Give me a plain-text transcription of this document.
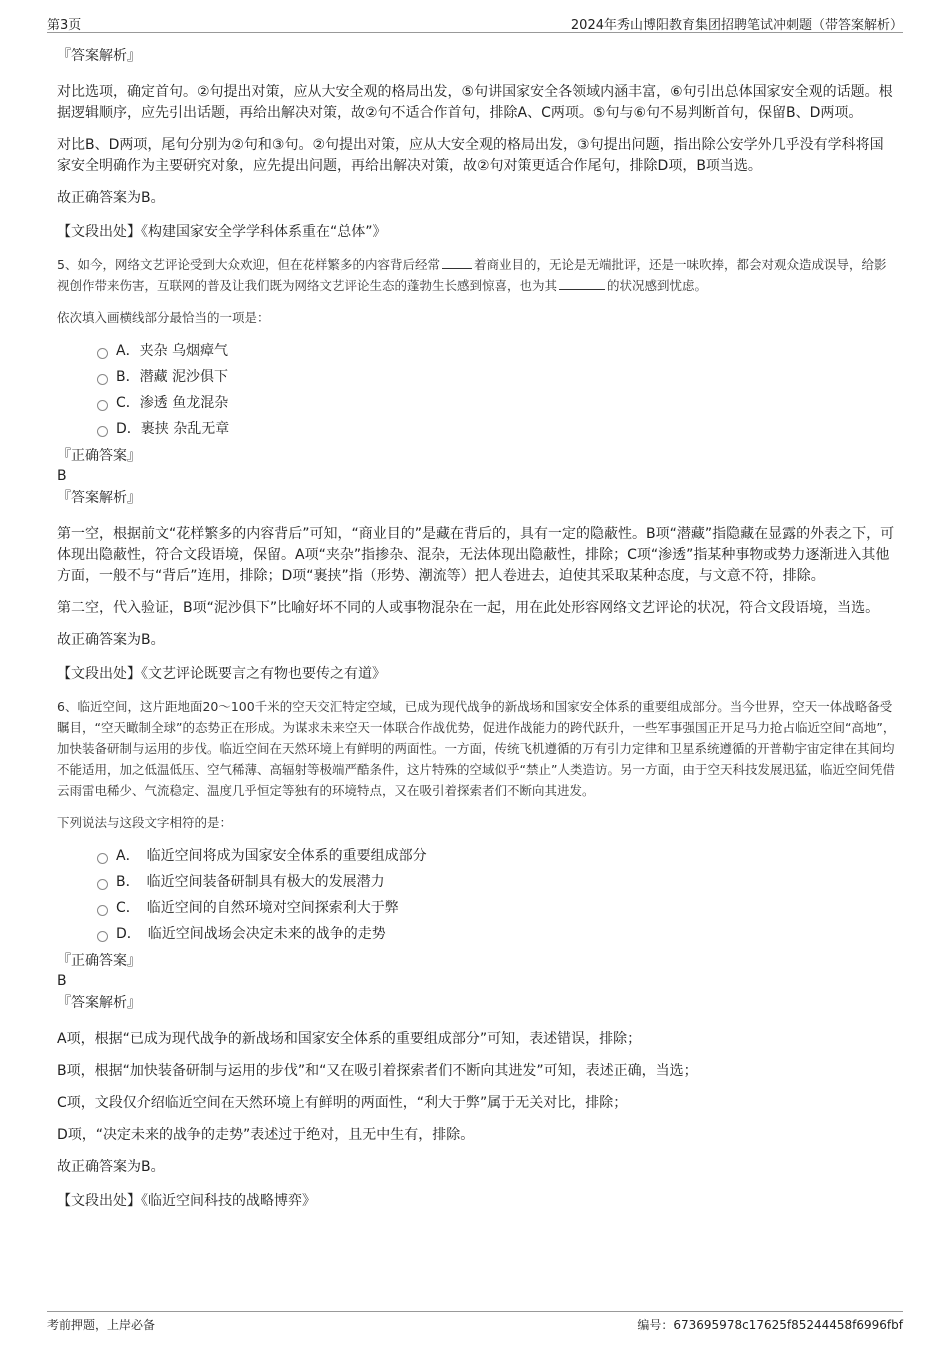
第3页	2024年秀山博阳教育集团招聘笔试冲刺题（带答案解析）

『答案解析』

对比选项，确定首句。②句提出对策，应从大安全观的格局出发，⑤句讲国家安全各领域内涵丰富，⑥句引出总体国家安全观的话题。根据逻辑顺序，应先引出话题，再给出解决对策，故②句不适合作首句，排除A、C两项。⑤句与⑥句不易判断首句，保留B、D两项。

对比B、D两项，尾句分别为②句和③句。②句提出对策，应从大安全观的格局出发，③句提出问题，指出除公安学外几乎没有学科将国家安全明确作为主要研究对象，应先提出问题，再给出解决对策，故②句对策更适合作尾句，排除D项，B项当选。

故正确答案为B。

【文段出处】《构建国家安全学学科体系重在“总体”》

5、如今，网络文艺评论受到大众欢迎，但在花样繁多的内容背后经常	着商业目的，无论是无端批评，还是一味吹捧，都会对观众造成误导，给影视创作带来伤害，互联网的普及让我们既为网络文艺评论生态的蓬勃生长感到惊喜，也为其	的状况感到忧虑。

依次填入画横线部分最恰当的一项是：

A．夹杂 乌烟瘴气
B．潜藏 泥沙俱下
C．渗透 鱼龙混杂
D．裹挟 杂乱无章

『正确答案』

B

『答案解析』

第一空，根据前文“花样繁多的内容背后”可知，“商业目的”是藏在背后的，具有一定的隐蔽性。B项“潜藏”指隐藏在显露的外表之下，可体现出隐蔽性，符合文段语境，保留。A项“夹杂”指掺杂、混杂，无法体现出隐蔽性，排除；C项“渗透”指某种事物或势力逐渐进入其他方面，一般不与“背后”连用，排除；D项“裹挟”指（形势、潮流等）把人卷进去，迫使其采取某种态度，与文意不符，排除。

第二空，代入验证，B项“泥沙俱下”比喻好坏不同的人或事物混杂在一起，用在此处形容网络文艺评论的状况，符合文段语境，当选。

故正确答案为B。

【文段出处】《文艺评论既要言之有物也要传之有道》

6、临近空间，这片距地面20～100千米的空天交汇特定空域，已成为现代战争的新战场和国家安全体系的重要组成部分。当今世界，空天一体战略备受瞩目，“空天瞰制全球”的态势正在形成。为谋求未来空天一体联合作战优势，促进作战能力的跨代跃升，一些军事强国正开足马力抢占临近空间“高地”，加快装备研制与运用的步伐。临近空间在天然环境上有鲜明的两面性。一方面，传统飞机遵循的万有引力定律和卫星系统遵循的开普勒宇宙定律在其间均不能适用，加之低温低压、空气稀薄、高辐射等极端严酷条件，这片特殊的空域似乎“禁止”人类造访。另一方面，由于空天科技发展迅猛，临近空间凭借云雨雷电稀少、气流稳定、温度几乎恒定等独有的环境特点，又在吸引着探索者们不断向其进发。

下列说法与这段文字相符的是：

A．　临近空间将成为国家安全体系的重要组成部分
B．　临近空间装备研制具有极大的发展潜力
C．　临近空间的自然环境对空间探索利大于弊
D．　临近空间战场会决定未来的战争的走势

『正确答案』

B

『答案解析』

A项，根据“已成为现代战争的新战场和国家安全体系的重要组成部分”可知，表述错误，排除；

B项，根据“加快装备研制与运用的步伐”和“又在吸引着探索者们不断向其进发”可知，表述正确，当选；

C项，文段仅介绍临近空间在天然环境上有鲜明的两面性，“利大于弊”属于无关对比，排除；

D项，“决定未来的战争的走势”表述过于绝对，且无中生有，排除。

故正确答案为B。

【文段出处】《临近空间科技的战略博弈》

考前押题，上岸必备	编号：673695978c17625f85244458f6996fbf
